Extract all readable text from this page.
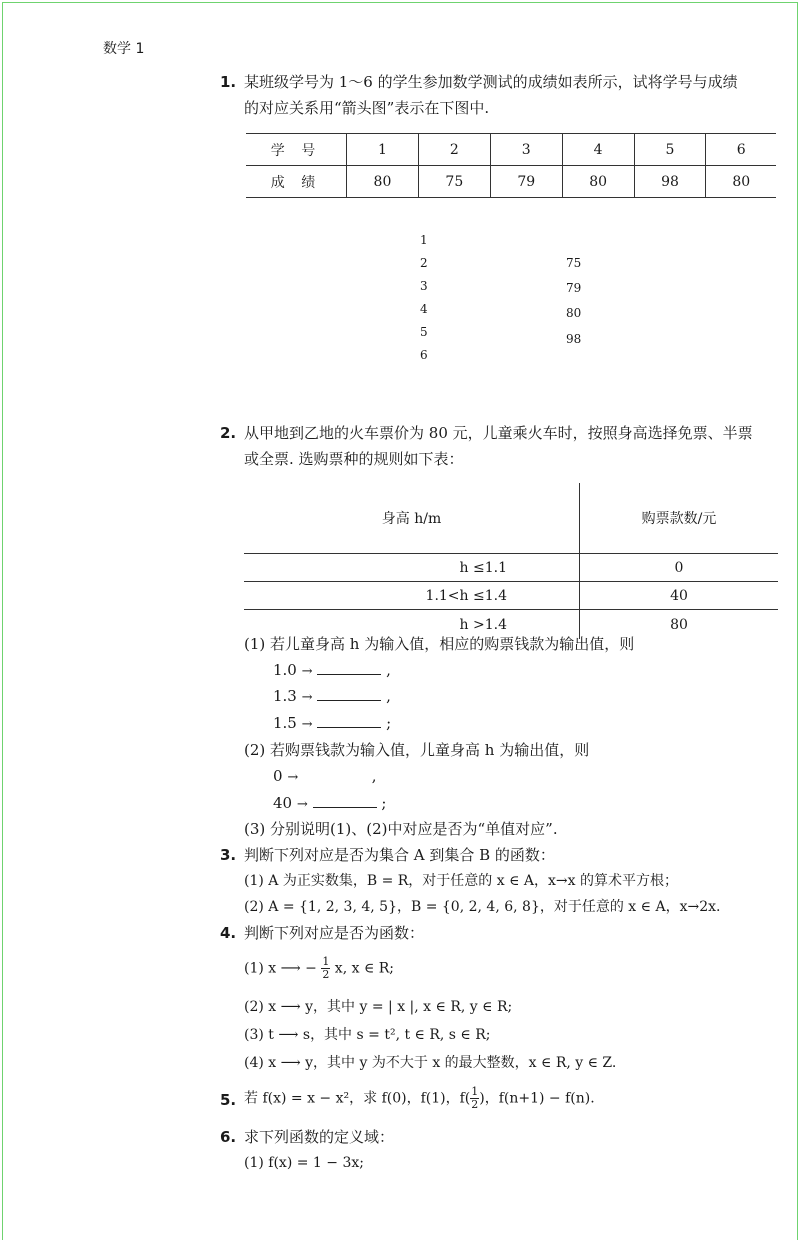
数学 1
1. 某班级学号为 1～6 的学生参加数学测试的成绩如表所示，试将学号与成绩
的对应关系用“箭头图”表示在下图中.
学 号	1	2	3	4	5	6
成 绩	80	75	79	80	98	80
1
2
3
4
5
6
75
79
80
98
2. 从甲地到乙地的火车票价为 80 元，儿童乘火车时，按照身高选择免票、半票
或全票. 选购票种的规则如下表：
身高 h/m	购票款数/元
h ≤1.1	0
1.1<h ≤1.4	40
h >1.4	80
(1) 若儿童身高 h 为输入值，相应的购票钱款为输出值，则
1.0 →	,
1.3 →	,
1.5 →	;
(2) 若购票钱款为输入值，儿童身高 h 为输出值，则
0 →	,
40 →	;
(3) 分别说明(1)、(2)中对应是否为“单值对应”.
3. 判断下列对应是否为集合 A 到集合 B 的函数：
(1) A 为正实数集，B = R，对于任意的 x ∈ A，x→x 的算术平方根；
(2) A = {1, 2, 3, 4, 5}，B = {0, 2, 4, 6, 8}，对于任意的 x ∈ A，x→2x.
4. 判断下列对应是否为函数：
(1) x ⟶ − $\frac{1}{2} x$, x ∈ R;
(2) x ⟶ y，其中 y = | x |, x ∈ R, y ∈ R;
(3) t ⟶ s，其中 s = t², t ∈ R, s ∈ R;
(4) x ⟶ y，其中 y 为不大于 x 的最大整数，x ∈ R, y ∈ Z.
5. 若 f(x) = x − x²，求 f(0)，f(1)，$f( \frac{1}{2}$ )，f(n+1) − f(n).
6. 求下列函数的定义域：
(1) f(x) = 1 − 3x;
